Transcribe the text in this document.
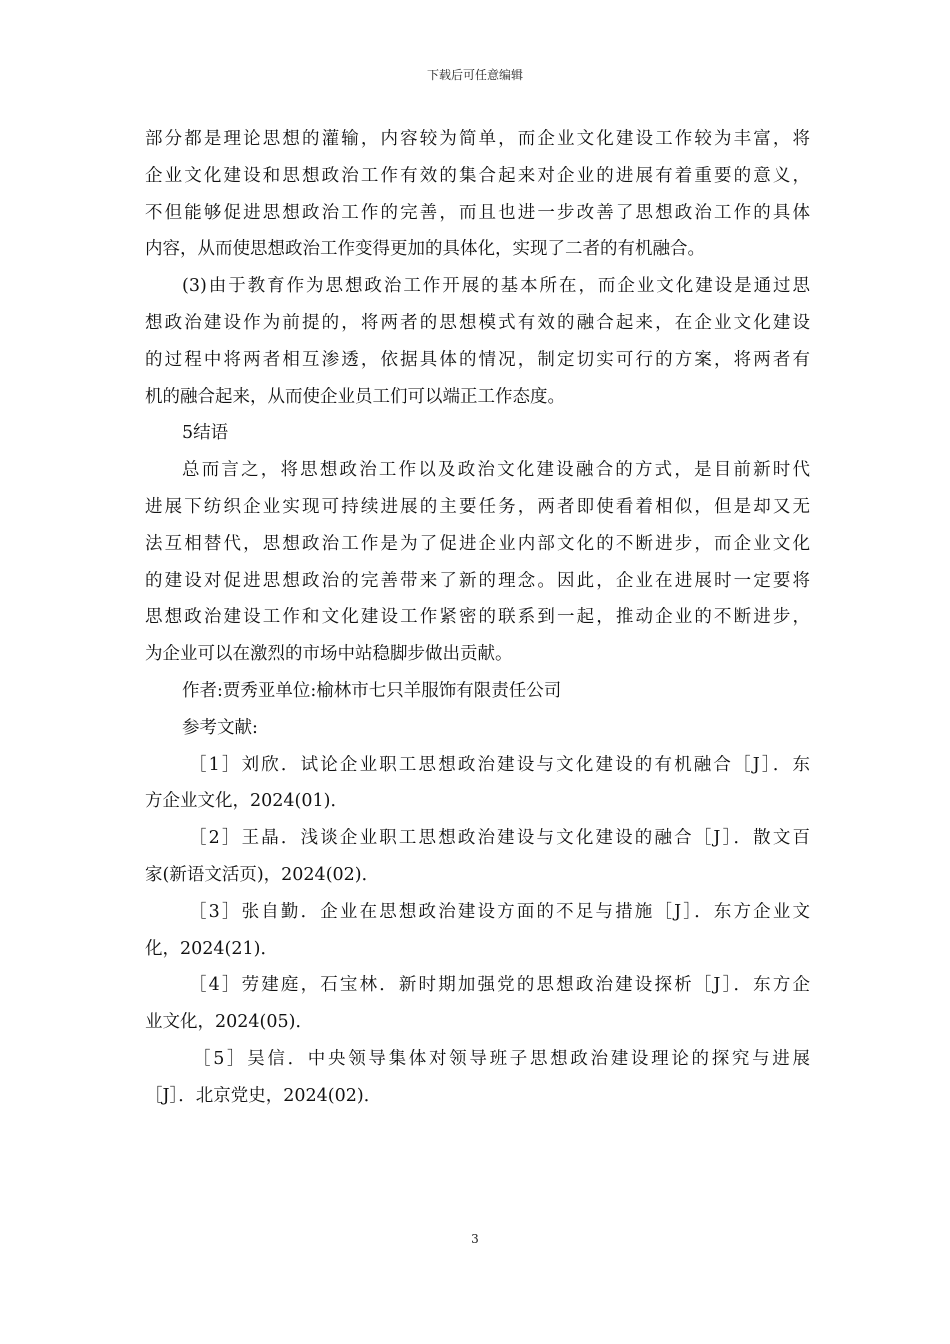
下载后可任意编辑
部分都是理论思想的灌输，内容较为简单，而企业文化建设工作较为丰富，将
企业文化建设和思想政治工作有效的集合起来对企业的进展有着重要的意义，
不但能够促进思想政治工作的完善，而且也进一步改善了思想政治工作的具体
内容，从而使思想政治工作变得更加的具体化，实现了二者的有机融合。
(3)由于教育作为思想政治工作开展的基本所在，而企业文化建设是通过思
想政治建设作为前提的，将两者的思想模式有效的融合起来，在企业文化建设
的过程中将两者相互渗透，依据具体的情况，制定切实可行的方案，将两者有
机的融合起来，从而使企业员工们可以端正工作态度。
5结语
总而言之，将思想政治工作以及政治文化建设融合的方式，是目前新时代
进展下纺织企业实现可持续进展的主要任务，两者即使看着相似，但是却又无
法互相替代，思想政治工作是为了促进企业内部文化的不断进步，而企业文化
的建设对促进思想政治的完善带来了新的理念。因此，企业在进展时一定要将
思想政治建设工作和文化建设工作紧密的联系到一起，推动企业的不断进步，
为企业可以在激烈的市场中站稳脚步做出贡献。
作者:贾秀亚单位:榆林市七只羊服饰有限责任公司
参考文献:
［1］刘欣．试论企业职工思想政治建设与文化建设的有机融合［J］．东
方企业文化，2024(01)．
［2］王晶．浅谈企业职工思想政治建设与文化建设的融合［J］．散文百
家(新语文活页)，2024(02)．
［3］张自勤．企业在思想政治建设方面的不足与措施［J］．东方企业文
化，2024(21)．
［4］劳建庭，石宝林．新时期加强党的思想政治建设探析［J］．东方企
业文化，2024(05)．
［5］吴信．中央领导集体对领导班子思想政治建设理论的探究与进展
［J］．北京党史，2024(02)．
3
